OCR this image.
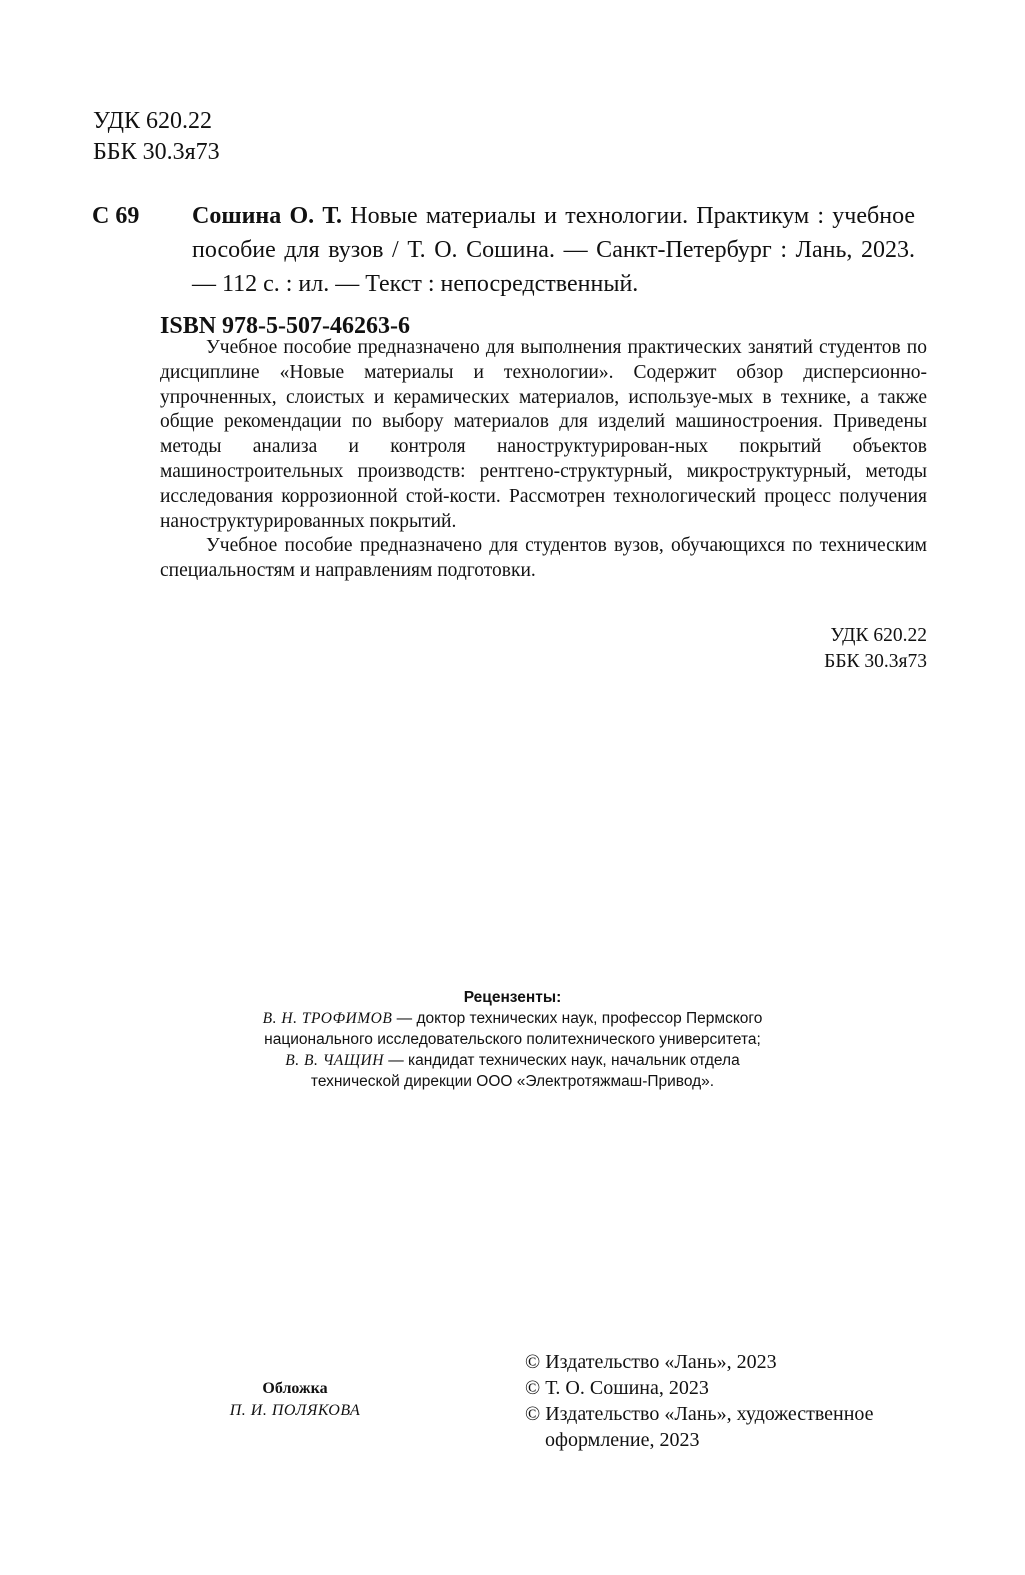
УДК 620.22
ББК 30.3я73
С 69 Сошина О. Т. Новые материалы и технологии. Практикум : учебное пособие для вузов / Т. О. Сошина. — Санкт-Петербург : Лань, 2023. — 112 с. : ил. — Текст : непосредственный.
ISBN 978-5-507-46263-6

Учебное пособие предназначено для выполнения практических занятий студентов по дисциплине «Новые материалы и технологии». Содержит обзор дисперсионно-упрочненных, слоистых и керамических материалов, используе-мых в технике, а также общие рекомендации по выбору материалов для изделий машиностроения. Приведены методы анализа и контроля наноструктурирован-ных покрытий объектов машиностроительных производств: рентгено-структурный, микроструктурный, методы исследования коррозионной стой-кости. Рассмотрен технологический процесс получения наноструктурированных покрытий.

Учебное пособие предназначено для студентов вузов, обучающихся по техническим специальностям и направлениям подготовки.

УДК 620.22
ББК 30.3я73
Рецензенты:
В. Н. ТРОФИМОВ — доктор технических наук, профессор Пермского
национального исследовательского политехнического университета;
В. В. ЧАЩИН — кандидат технических наук, начальник отдела
технической дирекции ООО «Электротяжмаш-Привод».
Обложка
П. И. ПОЛЯКОВА
© Издательство «Лань», 2023
© Т. О. Сошина, 2023
© Издательство «Лань», художественное
оформление, 2023
